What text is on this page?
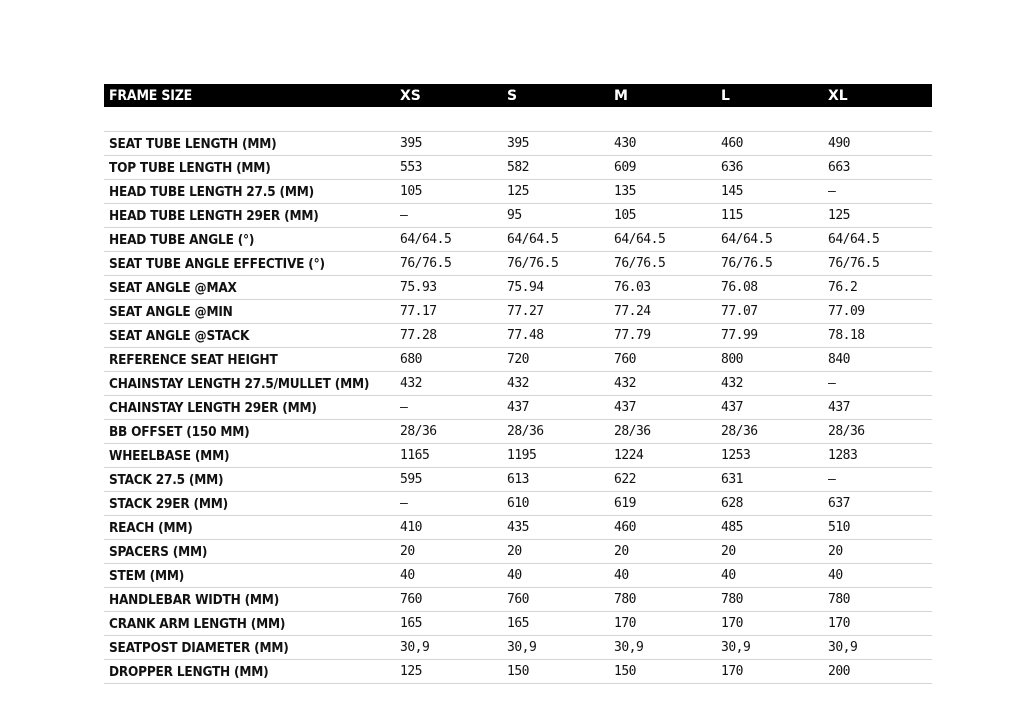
FRAME SIZE	XS	S	M	L	XL
SEAT TUBE LENGTH (MM)	395	395	430	460	490
TOP TUBE LENGTH (MM)	553	582	609	636	663
HEAD TUBE LENGTH 27.5 (MM)	105	125	135	145	–
HEAD TUBE LENGTH 29ER (MM)	–	95	105	115	125
HEAD TUBE ANGLE (°)	64/64.5	64/64.5	64/64.5	64/64.5	64/64.5
SEAT TUBE ANGLE EFFECTIVE (°)	76/76.5	76/76.5	76/76.5	76/76.5	76/76.5
SEAT ANGLE @MAX	75.93	75.94	76.03	76.08	76.2
SEAT ANGLE @MIN	77.17	77.27	77.24	77.07	77.09
SEAT ANGLE @STACK	77.28	77.48	77.79	77.99	78.18
REFERENCE SEAT HEIGHT	680	720	760	800	840
CHAINSTAY LENGTH 27.5/MULLET (MM)	432	432	432	432	–
CHAINSTAY LENGTH 29ER (MM)	–	437	437	437	437
BB OFFSET (150 MM)	28/36	28/36	28/36	28/36	28/36
WHEELBASE (MM)	1165	1195	1224	1253	1283
STACK 27.5 (MM)	595	613	622	631	–
STACK 29ER (MM)	–	610	619	628	637
REACH (MM)	410	435	460	485	510
SPACERS (MM)	20	20	20	20	20
STEM (MM)	40	40	40	40	40
HANDLEBAR WIDTH (MM)	760	760	780	780	780
CRANK ARM LENGTH (MM)	165	165	170	170	170
SEATPOST DIAMETER (MM)	30,9	30,9	30,9	30,9	30,9
DROPPER LENGTH (MM)	125	150	150	170	200
